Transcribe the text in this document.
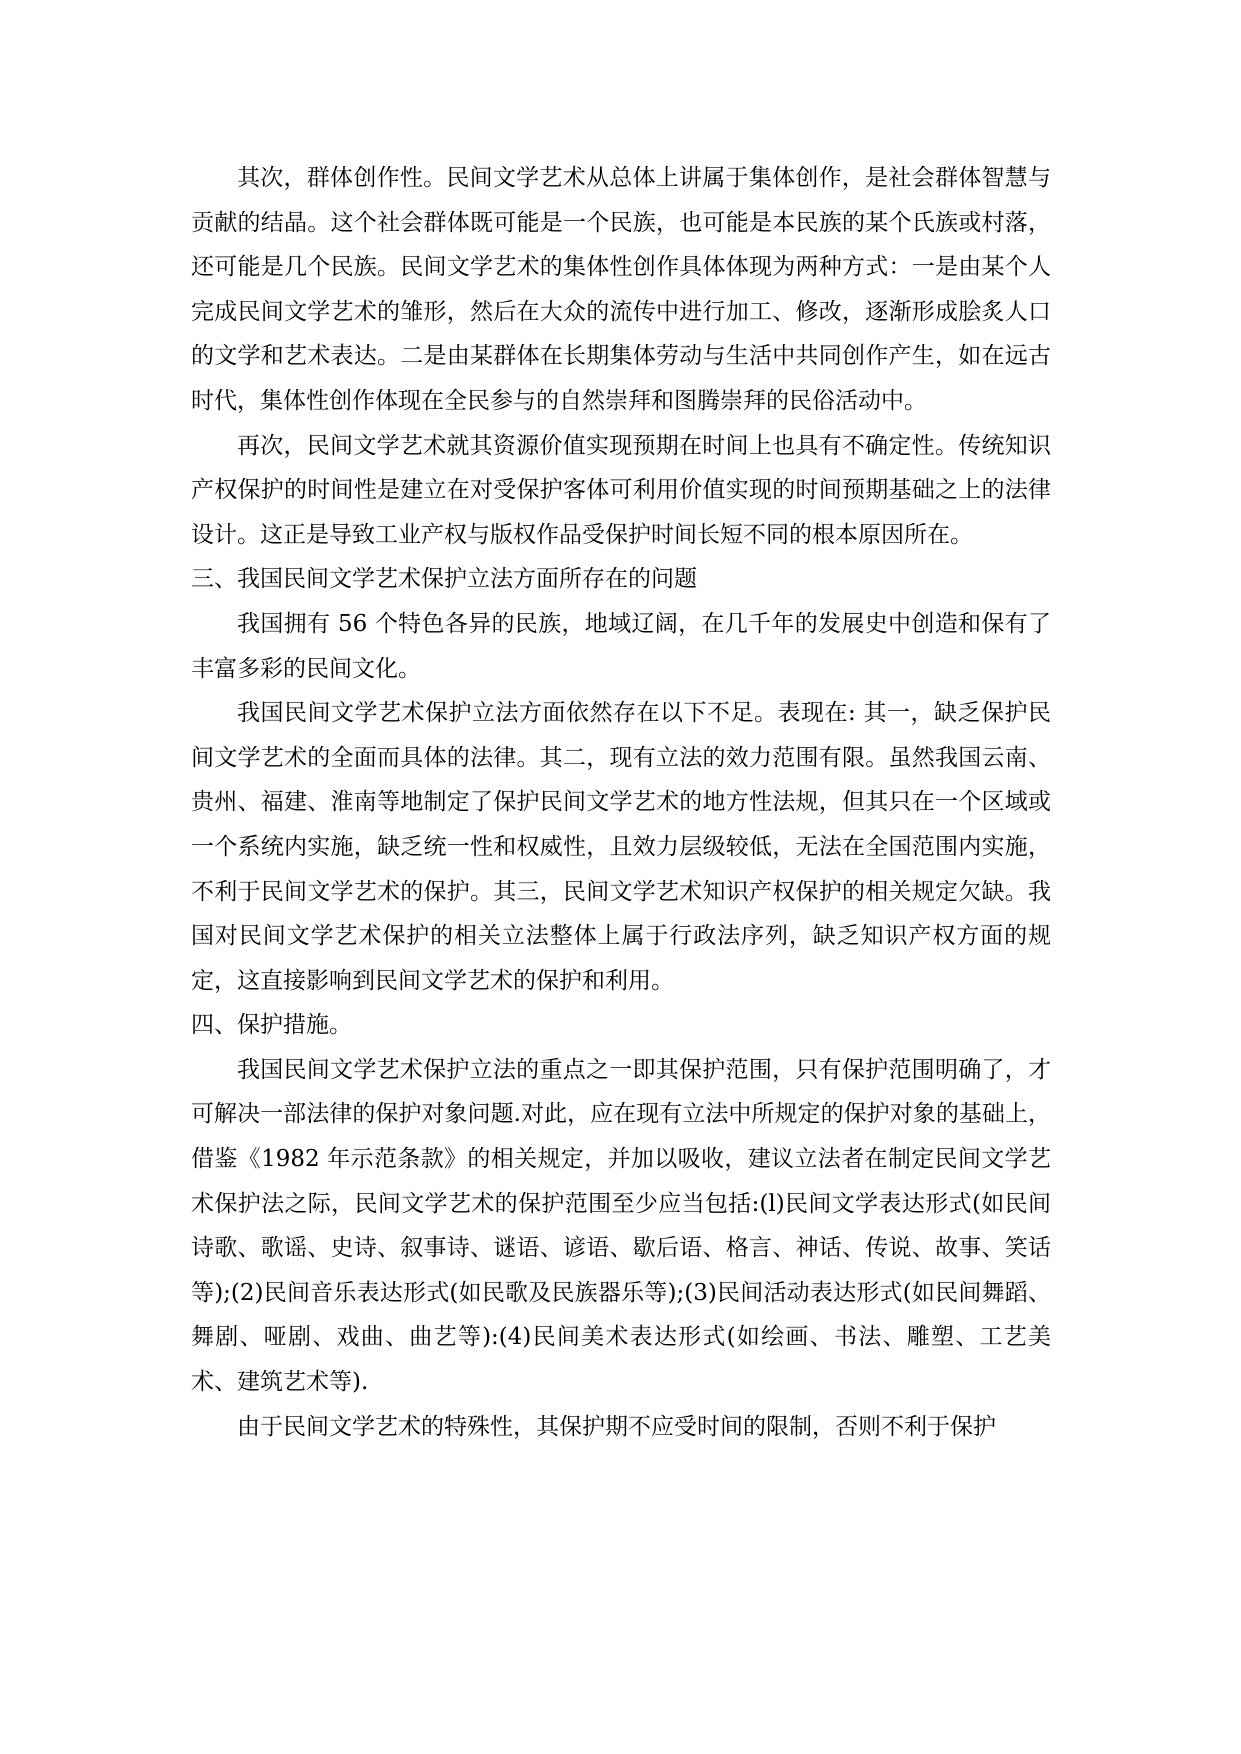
其次，群体创作性。民间文学艺术从总体上讲属于集体创作，是社会群体智慧与贡献的结晶。这个社会群体既可能是一个民族，也可能是本民族的某个氏族或村落，还可能是几个民族。民间文学艺术的集体性创作具体体现为两种方式：一是由某个人完成民间文学艺术的雏形，然后在大众的流传中进行加工、修改，逐渐形成脍炙人口的文学和艺术表达。二是由某群体在长期集体劳动与生活中共同创作产生，如在远古时代，集体性创作体现在全民参与的自然崇拜和图腾崇拜的民俗活动中。

再次，民间文学艺术就其资源价值实现预期在时间上也具有不确定性。传统知识产权保护的时间性是建立在对受保护客体可利用价值实现的时间预期基础之上的法律设计。这正是导致工业产权与版权作品受保护时间长短不同的根本原因所在。

三、我国民间文学艺术保护立法方面所存在的问题

我国拥有 56 个特色各异的民族，地域辽阔，在几千年的发展史中创造和保有了丰富多彩的民间文化。

我国民间文学艺术保护立法方面依然存在以下不足。表现在: 其一，缺乏保护民间文学艺术的全面而具体的法律。其二，现有立法的效力范围有限。虽然我国云南、贵州、福建、淮南等地制定了保护民间文学艺术的地方性法规，但其只在一个区域或一个系统内实施，缺乏统一性和权威性，且效力层级较低，无法在全国范围内实施，不利于民间文学艺术的保护。其三，民间文学艺术知识产权保护的相关规定欠缺。我国对民间文学艺术保护的相关立法整体上属于行政法序列，缺乏知识产权方面的规定，这直接影响到民间文学艺术的保护和利用。

四、保护措施。

我国民间文学艺术保护立法的重点之一即其保护范围，只有保护范围明确了，才可解决一部法律的保护对象问题.对此，应在现有立法中所规定的保护对象的基础上，借鉴《1982 年示范条款》的相关规定，并加以吸收，建议立法者在制定民间文学艺术保护法之际，民间文学艺术的保护范围至少应当包括:(l)民间文学表达形式(如民间诗歌、歌谣、史诗、叙事诗、谜语、谚语、歇后语、格言、神话、传说、故事、笑话等);(2)民间音乐表达形式(如民歌及民族器乐等);(3)民间活动表达形式(如民间舞蹈、舞剧、哑剧、戏曲、曲艺等):(4)民间美术表达形式(如绘画、书法、雕塑、工艺美术、建筑艺术等).

由于民间文学艺术的特殊性，其保护期不应受时间的限制，否则不利于保护
